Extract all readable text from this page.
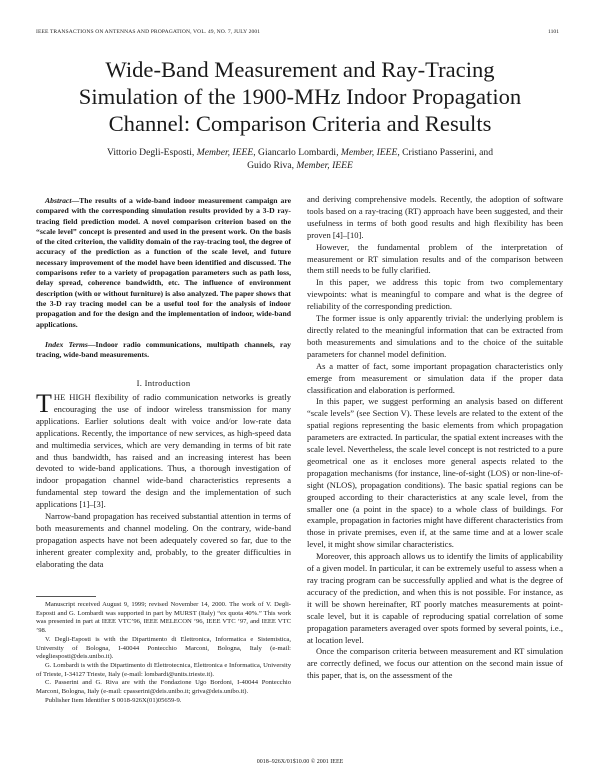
IEEE TRANSACTIONS ON ANTENNAS AND PROPAGATION, VOL. 49, NO. 7, JULY 2001	1101
Wide-Band Measurement and Ray-Tracing
Simulation of the 1900-MHz Indoor Propagation
Channel: Comparison Criteria and Results
Vittorio Degli-Esposti, Member, IEEE, Giancarlo Lombardi, Member, IEEE, Cristiano Passerini, and
Guido Riva, Member, IEEE
Abstract—The results of a wide-band indoor measurement campaign are compared with the corresponding simulation results provided by a 3-D ray-tracing field prediction model. A novel comparison criterion based on the “scale level” concept is presented and used in the present work. On the basis of the cited criterion, the validity domain of the ray-tracing tool, the degree of accuracy of the prediction as a function of the scale level, and future necessary improvement of the model have been identified and discussed. The comparisons refer to a variety of propagation parameters such as path loss, delay spread, coherence bandwidth, etc. The influence of environment description (with or without furniture) is also analyzed. The paper shows that the 3-D ray tracing model can be a useful tool for the analysis of indoor propagation and for the design and the implementation of indoor, wide-band applications.
Index Terms—Indoor radio communications, multipath channels, ray tracing, wide-band measurements.
I. Introduction

THE HIGH flexibility of radio communication networks is greatly encouraging the use of indoor wireless transmission for many applications. Earlier solutions dealt with voice and/or low-rate data applications. Recently, the importance of new services, as high-speed data and multimedia services, which are very demanding in terms of bit rate and thus bandwidth, has raised and an increasing interest has been devoted to wide-band applications. Thus, a thorough investigation of indoor propagation channel wide-band characteristics represents a fundamental step toward the design and the implementation of such applications [1]–[3].

Narrow-band propagation has received substantial attention in terms of both measurements and channel modeling. On the contrary, wide-band propagation aspects have not been adequately covered so far, due to the inherent greater complexity and, probably, to the greater difficulties in elaborating the data

Manuscript received August 9, 1999; revised November 14, 2000. The work of V. Degli-Esposti and G. Lombardi was supported in part by MURST (Italy) “ex quota 40%.” This work was presented in part at IEEE VTC’96, IEEE MELECON ’96, IEEE VTC ’97, and IEEE VTC ’98.

V. Degli-Esposti is with the Dipartimento di Elettronica, Informatica e Sistemistica, University of Bologna, I-40044 Pontecchio Marconi, Bologna, Italy (e-mail: vdegliesposti@deis.unibo.it).

G. Lombardi is with the Dipartimento di Elettrotecnica, Elettronica e Informatica, University of Trieste, I-34127 Trieste, Italy (e-mail: lombardi@units.trieste.it).

C. Passerini and G. Riva are with the Fondazione Ugo Bordoni, I-40044 Pontecchio Marconi, Bologna, Italy (e-mail: cpasserini@deis.unibo.it; griva@deis.unibo.it).

Publisher Item Identifier S 0018-926X(01)05659-9.

and deriving comprehensive models. Recently, the adoption of software tools based on a ray-tracing (RT) approach have been suggested, and their usefulness in terms of both good results and high flexibility has been proven [4]–[10].

However, the fundamental problem of the interpretation of measurement or RT simulation results and of the comparison between them still needs to be fully clarified.

In this paper, we address this topic from two complementary viewpoints: what is meaningful to compare and what is the degree of reliability of the corresponding prediction.

The former issue is only apparently trivial: the underlying problem is directly related to the meaningful information that can be extracted from both measurements and simulations and to the choice of the suitable parameters for channel model definition.

As a matter of fact, some important propagation characteristics only emerge from measurement or simulation data if the proper data classification and elaboration is performed.

In this paper, we suggest performing an analysis based on different “scale levels” (see Section V). These levels are related to the extent of the spatial regions representing the basic elements from which propagation parameters are extracted. In particular, the spatial extent increases with the scale level. Nevertheless, the scale level concept is not restricted to a pure geometrical one as it encloses more general aspects related to the propagation mechanisms (for instance, line-of-sight (LOS) or non-line-of-sight (NLOS), propagation conditions). The basic spatial regions can be grouped according to their characteristics at any scale level, from the smaller one (a point in the space) to a whole class of buildings. For example, propagation in factories might have different characteristics from those in private premises, even if, at the same time and at a lower scale level, it might show similar characteristics.

Moreover, this approach allows us to identify the limits of applicability of a given model. In particular, it can be extremely useful to assess when a ray tracing program can be successfully applied and what is the degree of accuracy of the prediction, and when this is not possible. For instance, as it will be shown hereinafter, RT poorly matches measurements at point-scale level, but it is capable of reproducing spatial correlation of some propagation parameters averaged over spots formed by several points, i.e., at location level.

Once the comparison criteria between measurement and RT simulation are correctly defined, we focus our attention on the second main issue of this paper, that is, on the assessment of the

0018–926X/01$10.00 © 2001 IEEE
